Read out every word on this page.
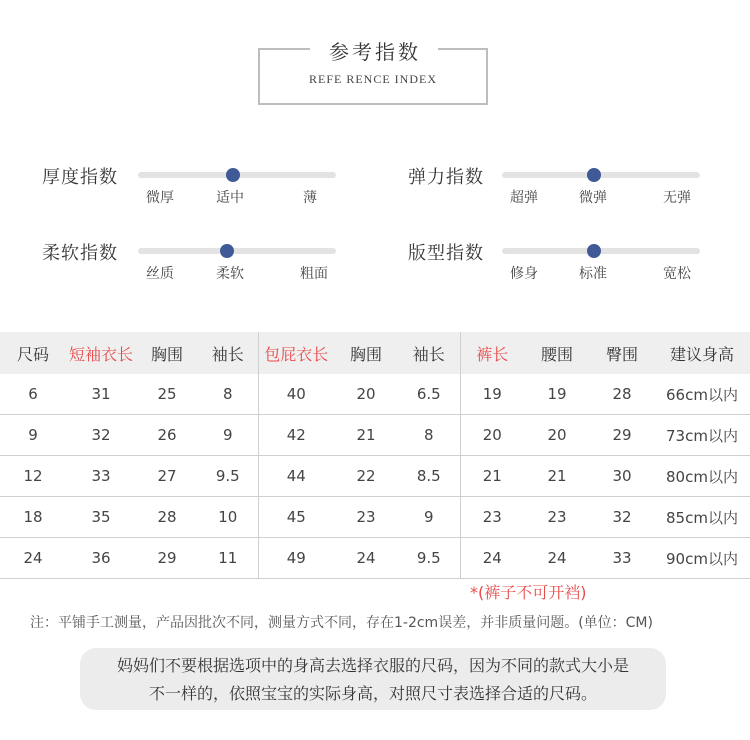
参考指数
REFE RENCE INDEX
厚度指数
微厚	适中	薄
弹力指数
超弹	微弹	无弹
柔软指数
丝质	柔软	粗面
版型指数
修身	标准	宽松
尺码	短袖衣长	胸围	袖长	包屁衣长	胸围	袖长	裤长	腰围	臀围	建议身高
6	31	25	8	40	20	6.5	19	19	28	66cm以内
9	32	26	9	42	21	8	20	20	29	73cm以内
12	33	27	9.5	44	22	8.5	21	21	30	80cm以内
18	35	28	10	45	23	9	23	23	32	85cm以内
24	36	29	11	49	24	9.5	24	24	33	90cm以内
*(裤子不可开裆)
注：平铺手工测量，产品因批次不同，测量方式不同，存在1-2cm误差，并非质量问题。(单位：CM)

妈妈们不要根据选项中的身高去选择衣服的尺码，因为不同的款式大小是

不一样的，依照宝宝的实际身高，对照尺寸表选择合适的尺码。
